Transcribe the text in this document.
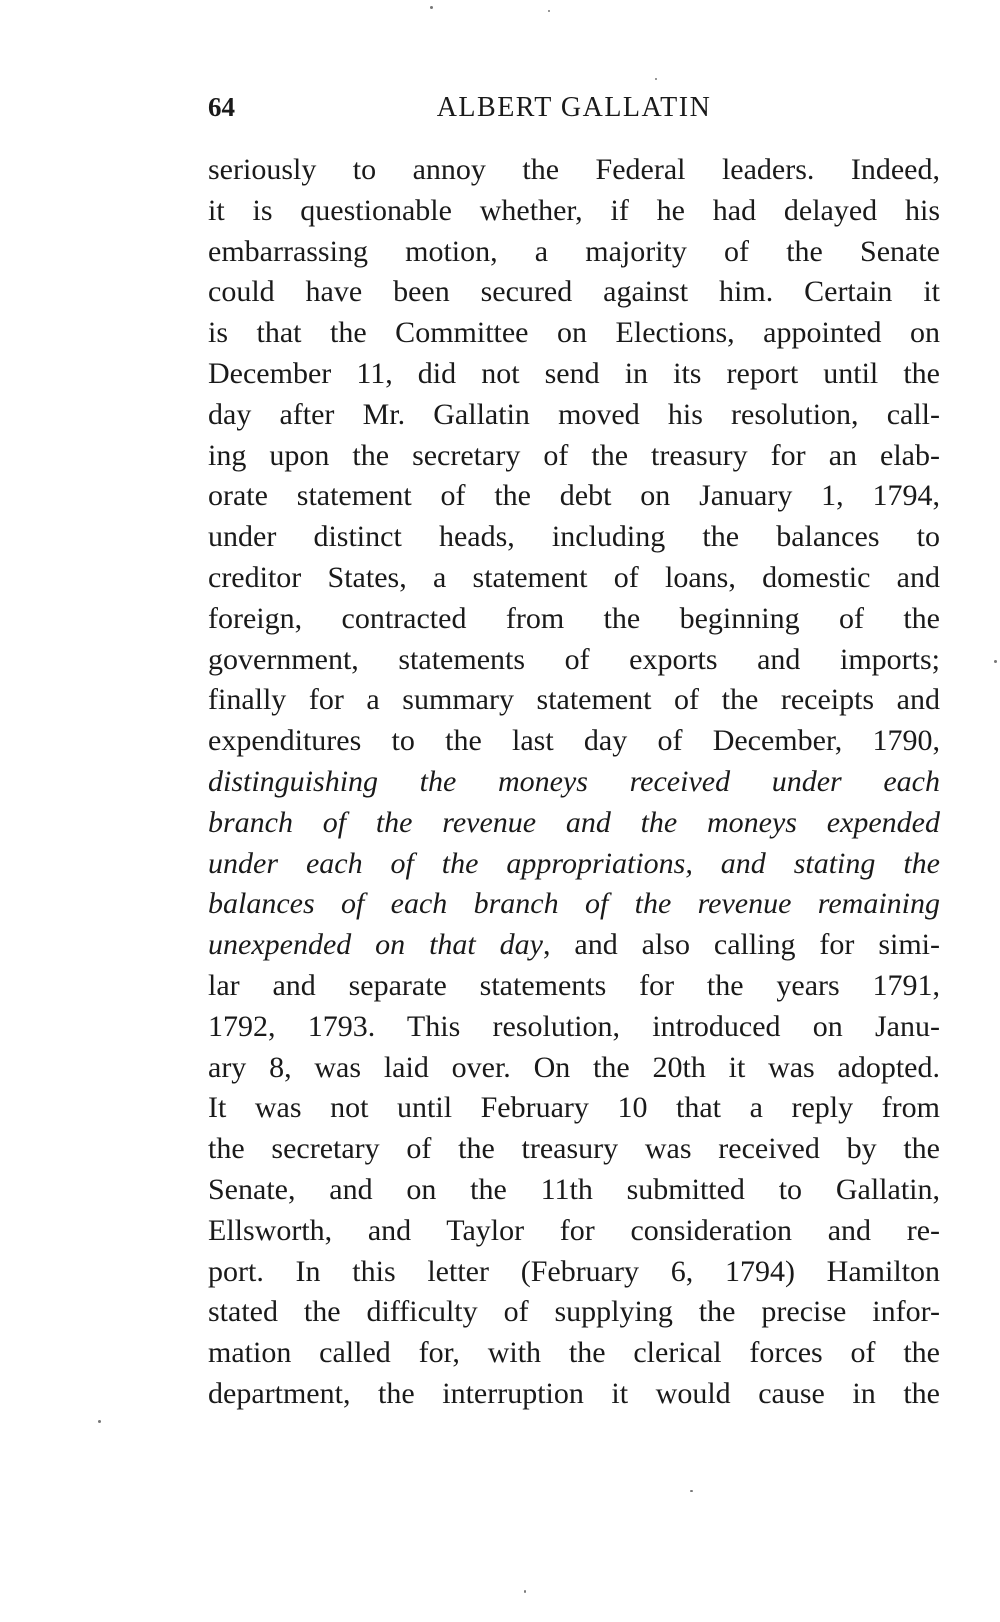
64	ALBERT GALLATIN
seriously to annoy the Federal leaders. Indeed,
it is questionable whether, if he had delayed his
embarrassing motion, a majority of the Senate
could have been secured against him. Certain it
is that the Committee on Elections, appointed on
December 11, did not send in its report until the
day after Mr. Gallatin moved his resolution, call-
ing upon the secretary of the treasury for an elab-
orate statement of the debt on January 1, 1794,
under distinct heads, including the balances to
creditor States, a statement of loans, domestic and
foreign, contracted from the beginning of the
government, statements of exports and imports;
finally for a summary statement of the receipts and
expenditures to the last day of December, 1790,
distinguishing the moneys received under each
branch of the revenue and the moneys expended
under each of the appropriations, and stating the
balances of each branch of the revenue remaining
unexpended on that day, and also calling for simi-
lar and separate statements for the years 1791,
1792, 1793. This resolution, introduced on Janu-
ary 8, was laid over. On the 20th it was adopted.
It was not until February 10 that a reply from
the secretary of the treasury was received by the
Senate, and on the 11th submitted to Gallatin,
Ellsworth, and Taylor for consideration and re-
port. In this letter (February 6, 1794) Hamilton
stated the difficulty of supplying the precise infor-
mation called for, with the clerical forces of the
department, the interruption it would cause in the
